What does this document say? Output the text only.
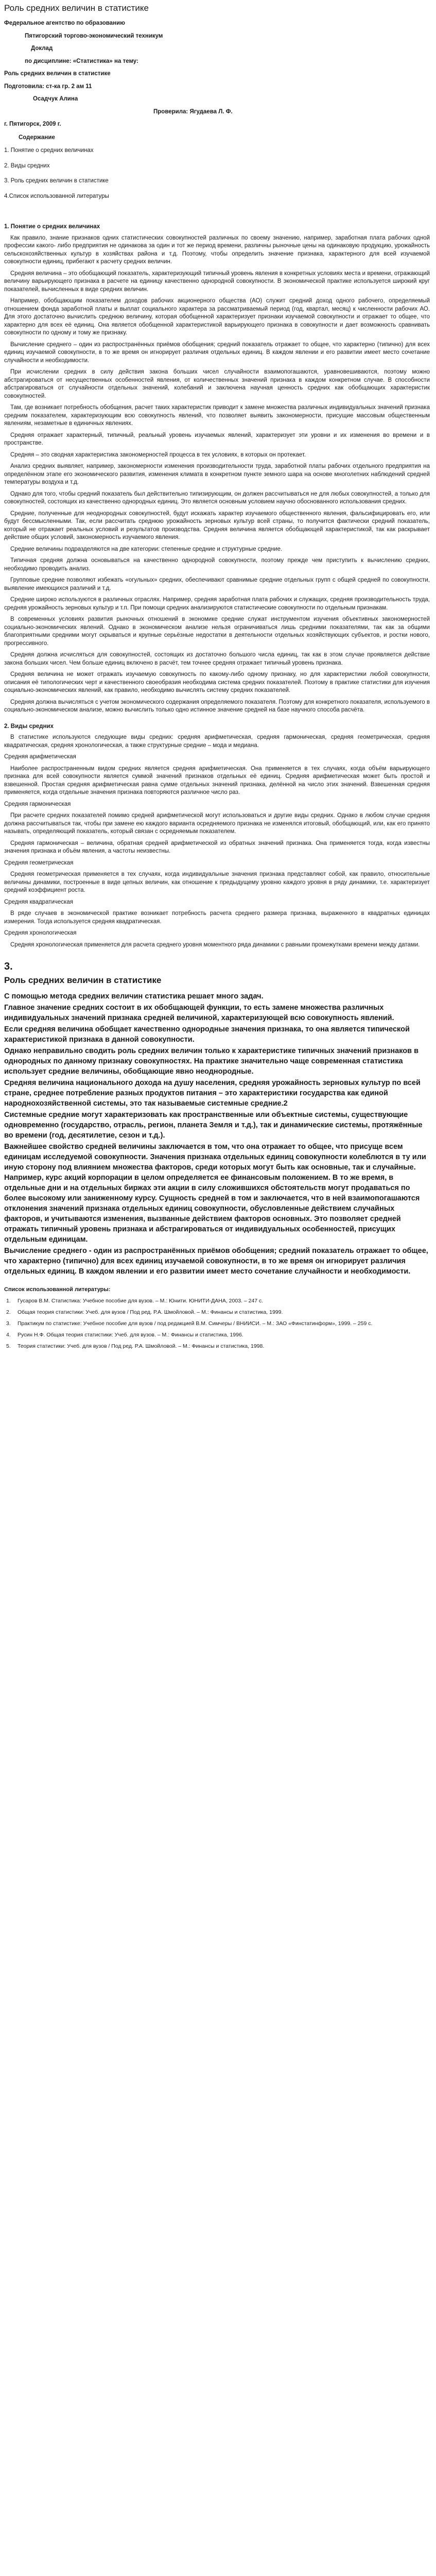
Роль средних величин в статистике

Федеральное агентство по образованию

Пятигорский торгово-экономический техникум

Доклад

по дисциплине: «Статистика» на тему:

Роль средних величин в статистике

Подготовила: ст-ка гр. 2 ам 11

Осадчук Алина

Проверила: Ягудаева Л. Ф.

г. Пятигорск, 2009 г.

Содержание

1. Понятие о средних величинах

2. Виды средних

3. Роль средних величин в статистике

4.Список использованной литературы

1. Понятие о средних величинах

Как правило, знание признаков одних статистических совокупностей различных по своему значению, например, заработная плата рабочих одной профессии какого- либо предприятия не одинакова за один и тот же период времени, различны рыночные цены на одинаковую продукцию, урожайность сельскохозяйственных культур в хозяйствах района и т.д. Поэтому, чтобы определить значение признака, характерного для всей изучаемой совокупности единиц, прибегают к расчету средних величин.

Средняя величина – это обобщающий показатель, характеризующий типичный уровень явления в конкретных условиях места и времени, отражающий величину варьирующего признака в расчете на единицу качественно однородной совокупности. В экономической практике используется широкий круг показателей, вычисленных в виде средних величин.

Например, обобщающим показателем доходов рабочих акционерного общества (АО) служит средний доход одного рабочего, определяемый отношением фонда заработной платы и выплат социального характера за рассматриваемый период (год, квартал, месяц) к численности рабочих АО. Для этого достаточно вычислить среднюю величину, которая обобщенной характеризует признаки изучаемой совокупности и отражает то общее, что характерно для всех её единиц. Она является обобщенной характеристикой варьирующего признака в совокупности и дает возможность сравнивать совокупности по одному и тому же признаку.

Вычисление среднего – один из распространённых приёмов обобщения; средний показатель отражает то общее, что характерно (типично) для всех единиц изучаемой совокупности, в то же время он игнорирует различия отдельных единиц. В каждом явлении и его развитии имеет место сочетание случайности и необходимости.

При исчислении средних в силу действия закона больших чисел случайности взаимопогашаются, уравновешиваются, поэтому можно абстрагироваться от несущественных особенностей явления, от количественных значений признака в каждом конкретном случае. В способности абстрагироваться от случайности отдельных значений, колебаний и заключена научная ценность средних как обобщающих характеристик совокупностей.

Там, где возникает потребность обобщения, расчет таких характеристик приводит к замене множества различных индивидуальных значений признака средним показателем, характеризующим всю совокупность явлений, что позволяет выявить закономерности, присущие массовым общественным явлениям, незаметные в единичных явлениях.

Средняя отражает характерный, типичный, реальный уровень изучаемых явлений, характеризует эти уровни и их изменения во времени и в пространстве.

Средняя – это сводная характеристика закономерностей процесса в тех условиях, в которых он протекает.

Анализ средних выявляет, например, закономерности изменения производительности труда, заработной платы рабочих отдельного предприятия на определённом этапе его экономического развития, изменения климата в конкретном пункте земного шара на основе многолетних наблюдений средней температуры воздуха и т.д.

Однако для того, чтобы средний показатель был действительно типизирующим, он должен рассчитываться не для любых совокупностей, а только для совокупностей, состоящих из качественно однородных единиц. Это является основным условием научно обоснованного использования средних.

Средние, полученные для неоднородных совокупностей, будут искажать характер изучаемого общественного явления, фальсифицировать его, или будут бессмысленными. Так, если рассчитать среднюю урожайность зерновых культур всей страны, то получится фактически средний показатель, который не отражает реальных условий и результатов производства. Средняя величина является обобщающей характеристикой, так как раскрывает действие общих условий, закономерность изучаемого явления.

Средние величины подразделяются на две категории: степенные средние и структурные средние.

Типичная средняя должна основываться на качественно однородной совокупности, поэтому прежде чем приступить к вычислению средних, необходимо проводить анализ.

Групповые средние позволяют избежать «огульных» средних, обеспечивают сравнимые средние отдельных групп с общей средней по совокупности, выявление имеющихся различий и т.д.

Средние широко используются в различных отраслях. Например, средняя заработная плата рабочих и служащих, средняя производительность труда, средняя урожайность зерновых культур и т.п. При помощи средних анализируются статистические совокупности по отдельным признакам.

В современных условиях развития рыночных отношений в экономике средние служат инструментом изучения объективных закономерностей социально-экономических явлений. Однако в экономическом анализе нельзя ограничиваться лишь средними показателями, так как за общими благоприятными средними могут скрываться и крупные серьёзные недостатки в деятельности отдельных хозяйствующих субъектов, и ростки нового, прогрессивного.

Средняя должна исчисляться для совокупностей, состоящих из достаточно большого числа единиц, так как в этом случае проявляется действие закона больших чисел. Чем больше единиц включено в расчёт, тем точнее средняя отражает типичный уровень признака.

Средняя величина не может отражать изучаемую совокупность по какому-либо одному признаку, но для характеристики любой совокупности, описания её типологических черт и качественного своеобразия необходима система средних показателей. Поэтому в практике статистики для изучения социально-экономических явлений, как правило, необходимо вычислять систему средних показателей.

Средняя должна вычисляться с учетом экономического содержания определяемого показателя. Поэтому для конкретного показателя, используемого в социально-экономическом анализе, можно вычислить только одно истинное значение средней на базе научного способа расчёта.

2. Виды средних

В статистике используются следующие виды средних: средняя арифметическая, средняя гармоническая, средняя геометрическая, средняя квадратическая, средняя хронологическая, а также структурные средние – мода и медиана.

Средняя арифметическая

Наиболее распространенным видом средних является средняя арифметическая. Она применяется в тех случаях, когда объём варьирующего признака для всей совокупности является суммой значений признаков отдельных её единиц. Средняя арифметическая может быть простой и взвешенной. Простая средняя арифметическая равна сумме отдельных значений признака, делённой на число этих значений. Взвешенная средняя применяется, когда отдельные значения признака повторяются различное число раз.

Средняя гармоническая

При расчете средних показателей помимо средней арифметической могут использоваться и другие виды средних. Однако в любом случае средняя должна рассчитываться так, чтобы при замене ею каждого варианта осредняемого признака не изменялся итоговый, обобщающий, или, как его принято называть, определяющий показатель, который связан с осредняемым показателем.

Средняя гармоническая – величина, обратная средней арифметической из обратных значений признака. Она применяется тогда, когда известны значения признака и объём явления, а частоты неизвестны.

Средняя геометрическая

Средняя геометрическая применяется в тех случаях, когда индивидуальные значения признака представляют собой, как правило, относительные величины динамики, построенные в виде цепных величин, как отношение к предыдущему уровню каждого уровня в ряду динамики, т.е. характеризует средний коэффициент роста.

Средняя квадратическая

В ряде случаев в экономической практике возникает потребность расчета среднего размера признака, выраженного в квадратных единицах измерения. Тогда используется средняя квадратическая.

Средняя хронологическая

Средняя хронологическая применяется для расчета среднего уровня моментного ряда динамики с равными промежутками времени между датами.

3.

Роль средних величин в статистике

С помощью метода средних величин статистика решает много задач.

Главное значение средних состоит в их обобщающей функции, то есть замене множества различных индивидуальных значений признака средней величиной, характеризующей всю совокупность явлений.

Если средняя величина обобщает качественно однородные значения признака, то она является типической характеристикой признака в данной совокупности.

Однако неправильно сводить роль средних величин только к характеристике типичных значений признаков в однородных по данному признаку совокупностях. На практике значительно чаще современная статистика использует средние величины, обобщающие явно неоднородные.

Средняя величина национального дохода на душу населения, средняя урожайность зерновых культур по всей стране, среднее потребление разных продуктов питания – это характеристики государства как единой народнохозяйственной системы, это так называемые системные средние.2

Системные средние могут характеризовать как пространственные или объектные системы, существующие одновременно (государство, отрасль, регион, планета Земля и т.д.), так и динамические системы, протяжённые во времени (год, десятилетие, сезон и т.д.).

Важнейшее свойство средней величины заключается в том, что она отражает то общее, что присуще всем единицам исследуемой совокупности. Значения признака отдельных единиц совокупности колеблются в ту или иную сторону под влиянием множества факторов, среди которых могут быть как основные, так и случайные. Например, курс акций корпорации в целом определяется ее финансовым положением. В то же время, в отдельные дни и на отдельных биржах эти акции в силу сложившихся обстоятельств могут продаваться по более высокому или заниженному курсу. Сущность средней в том и заключается, что в ней взаимопогашаются отклонения значений признака отдельных единиц совокупности, обусловленные действием случайных факторов, и учитываются изменения, вызванные действием факторов основных. Это позволяет средней отражать типичный уровень признака и абстрагироваться от индивидуальных особенностей, присущих отдельным единицам.

Вычисление среднего - один из распространённых приёмов обобщения; средний показатель отражает то общее, что характерно (типично) для всех единиц изучаемой совокупности, в то же время он игнорирует различия отдельных единиц. В каждом явлении и его развитии имеет место сочетание случайности и необходимости.

Список использованной литературы:

1. Гусаров В.М. Статистика: Учебное пособие для вузов. – М.: Юнити. ЮНИТИ-ДАНА, 2003. – 247 с.

2. Общая теория статистики: Учеб. для вузов / Под ред. Р.А. Шмойловой. – М.: Финансы и статистика, 1999.

3. Практикум по статистике: Учебное пособие для вузов / под редакцией В.М. Симчеры / ВНИИСИ. – М.: ЗАО «Финстатинформ», 1999. – 259 с.

4. Русин Н.Ф. Общая теория статистики: Учеб. для вузов. – М.: Финансы и статистика, 1996.

5. Теория статистики: Учеб. для вузов / Под ред. Р.А. Шмойловой. – М.: Финансы и статистика, 1998.
